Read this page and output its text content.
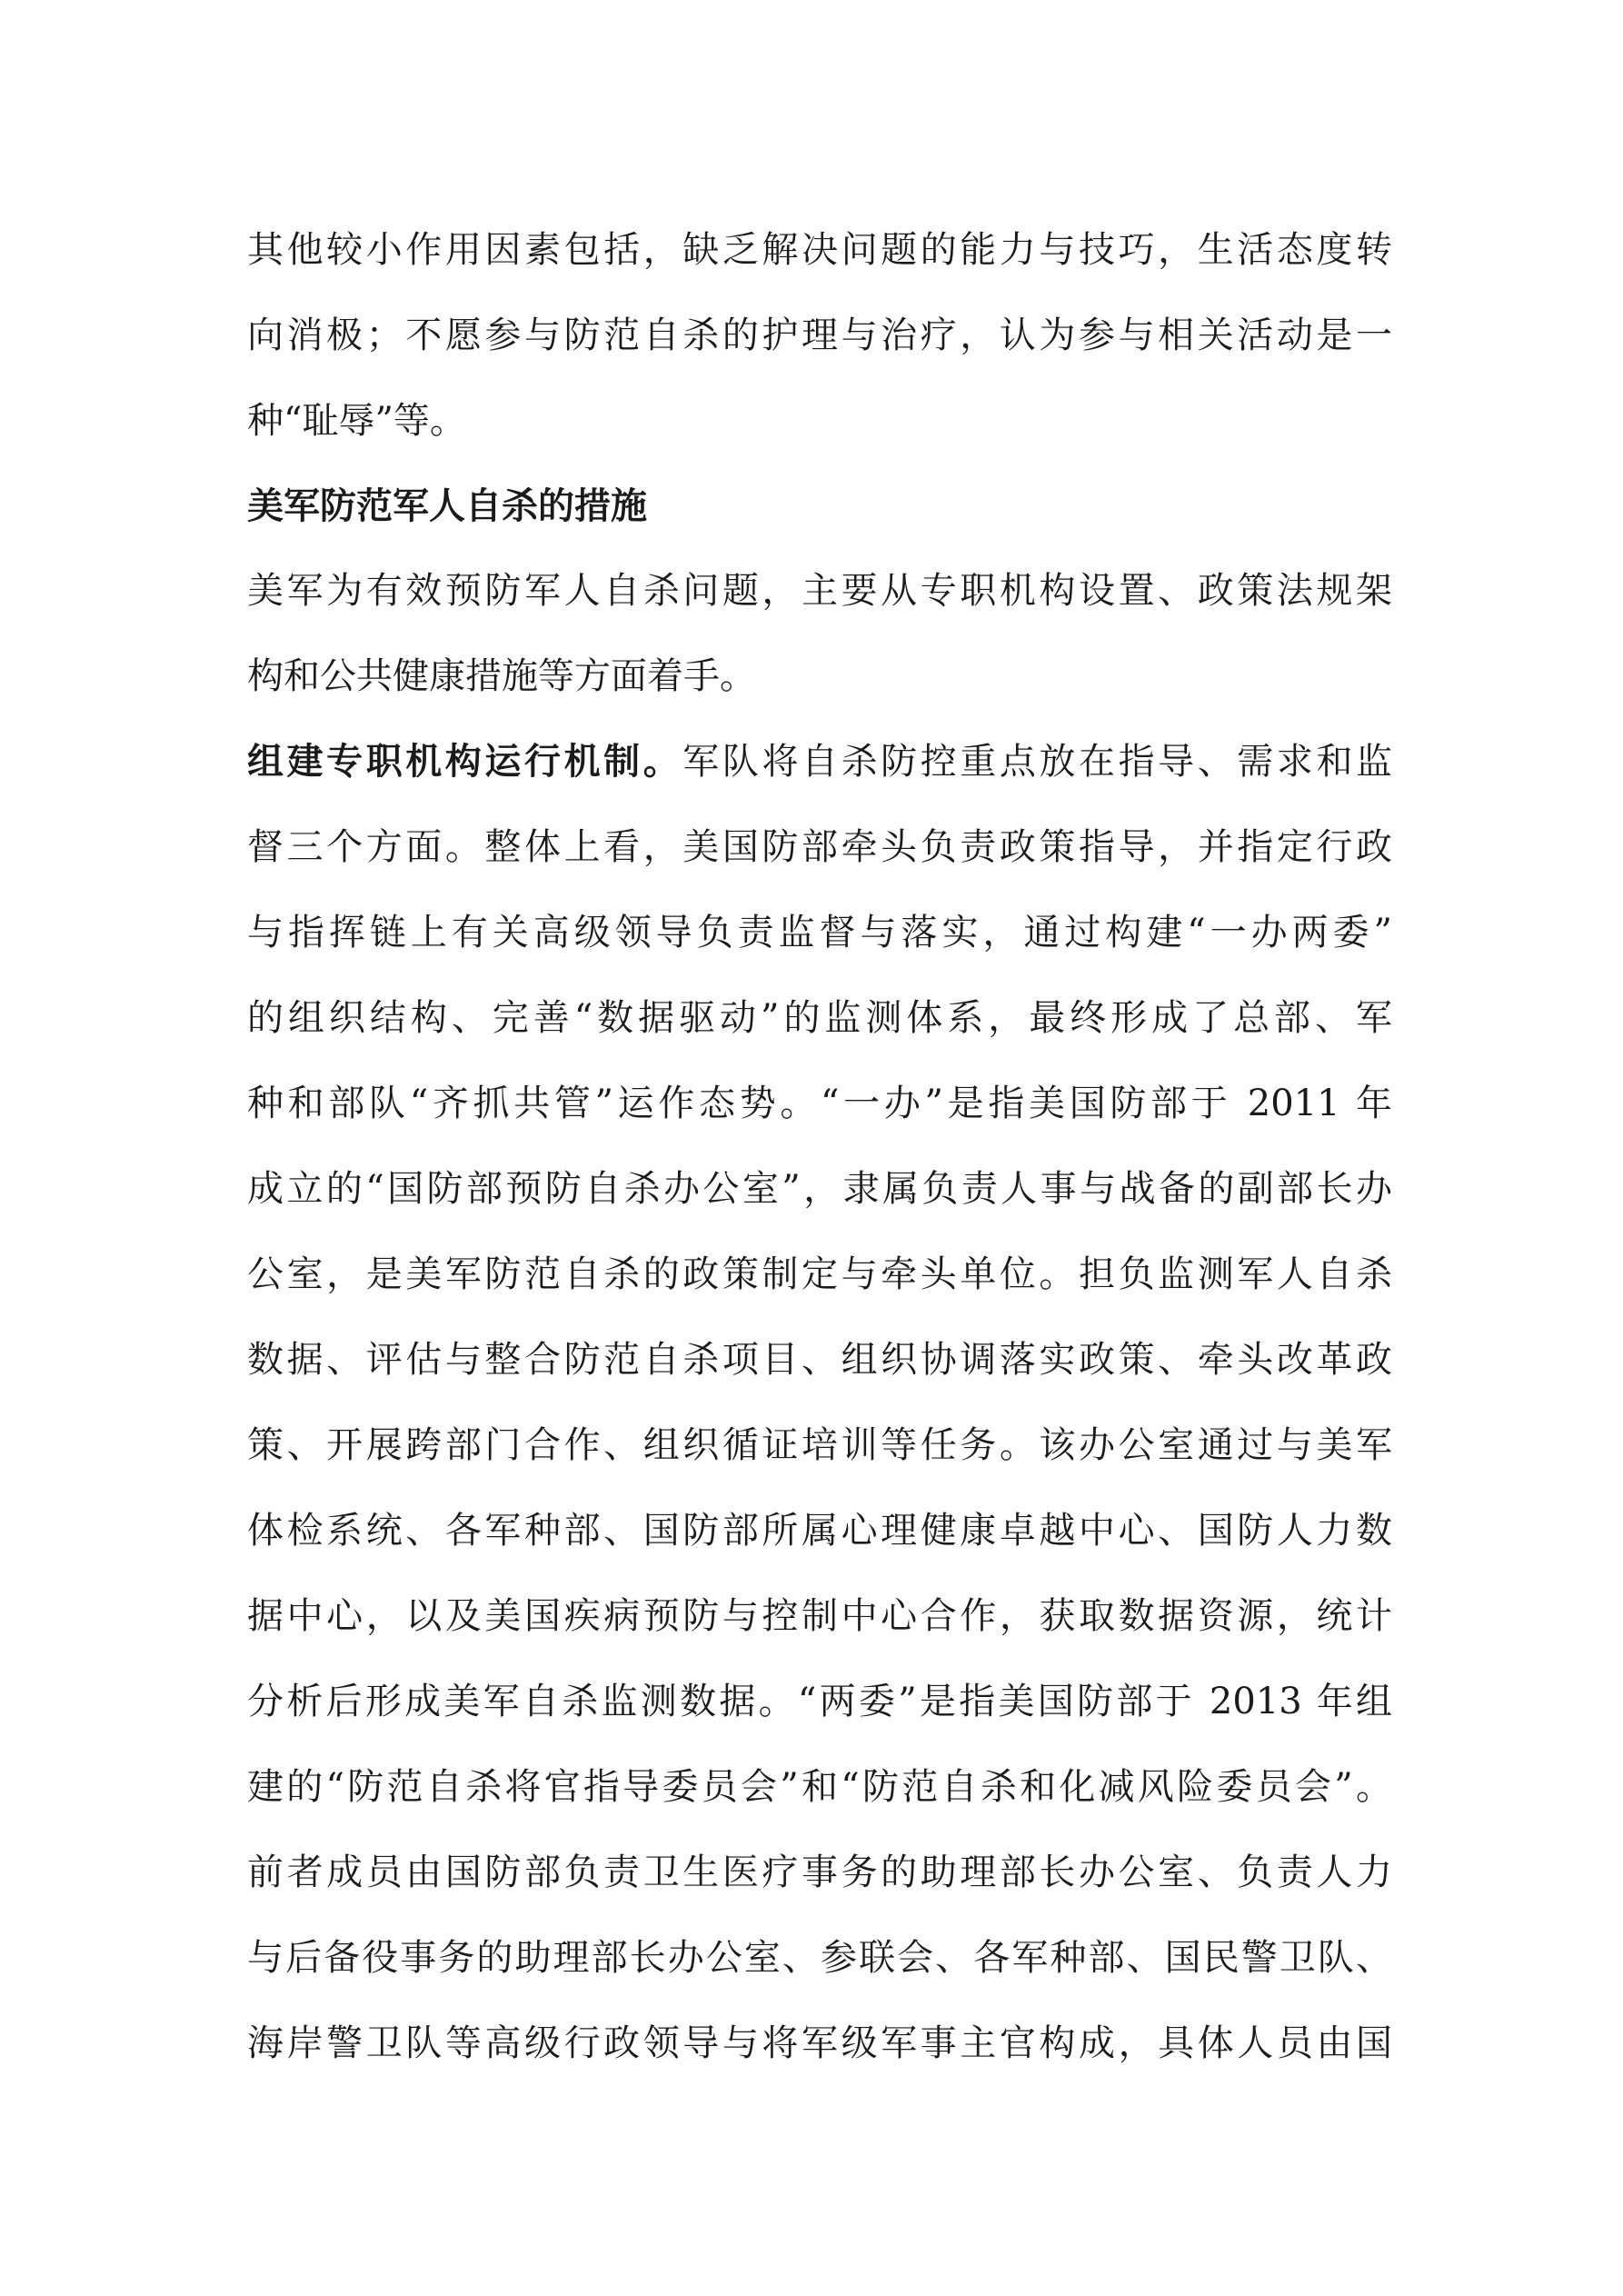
其他较小作用因素包括，缺乏解决问题的能力与技巧，生活态度转
向消极；不愿参与防范自杀的护理与治疗，认为参与相关活动是一
种“耻辱”等。
美军防范军人自杀的措施
美军为有效预防军人自杀问题，主要从专职机构设置、政策法规架
构和公共健康措施等方面着手。
组建专职机构运行机制。军队将自杀防控重点放在指导、需求和监
督三个方面。整体上看，美国防部牵头负责政策指导，并指定行政
与指挥链上有关高级领导负责监督与落实，通过构建“一办两委”
的组织结构、完善“数据驱动”的监测体系，最终形成了总部、军
种和部队“齐抓共管”运作态势。“一办”是指美国防部于 2011 年
成立的“国防部预防自杀办公室”，隶属负责人事与战备的副部长办
公室，是美军防范自杀的政策制定与牵头单位。担负监测军人自杀
数据、评估与整合防范自杀项目、组织协调落实政策、牵头改革政
策、开展跨部门合作、组织循证培训等任务。该办公室通过与美军
体检系统、各军种部、国防部所属心理健康卓越中心、国防人力数
据中心，以及美国疾病预防与控制中心合作，获取数据资源，统计
分析后形成美军自杀监测数据。“两委”是指美国防部于 2013 年组
建的“防范自杀将官指导委员会”和“防范自杀和化减风险委员会”。
前者成员由国防部负责卫生医疗事务的助理部长办公室、负责人力
与后备役事务的助理部长办公室、参联会、各军种部、国民警卫队、
海岸警卫队等高级行政领导与将军级军事主官构成，具体人员由国
